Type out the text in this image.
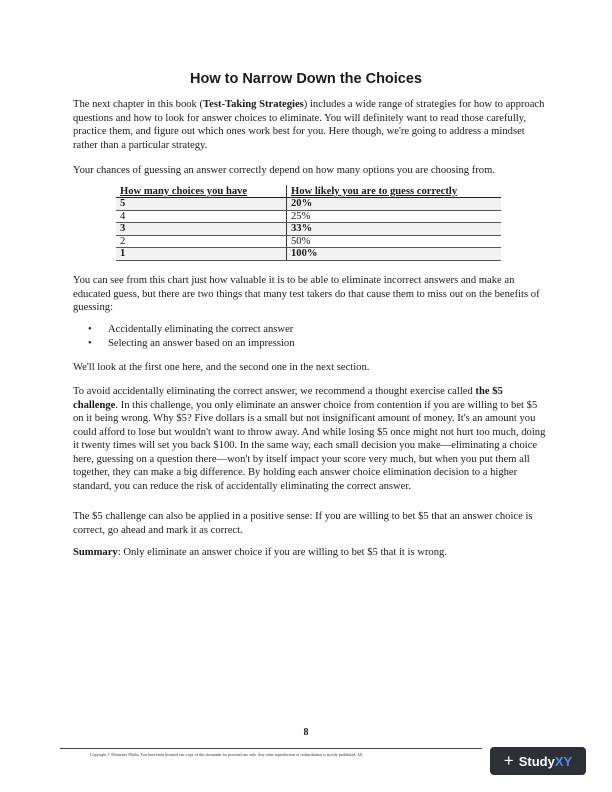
How to Narrow Down the Choices

The next chapter in this book (Test-Taking Strategies) includes a wide range of strategies for how to approach questions and how to look for answer choices to eliminate. You will definitely want to read those carefully, practice them, and figure out which ones work best for you. Here though, we're going to address a mindset rather than a particular strategy.

Your chances of guessing an answer correctly depend on how many options you are choosing from.

How many choices you have	How likely you are to guess correctly
5	20%
4	25%
3	33%
2	50%
1	100%

You can see from this chart just how valuable it is to be able to eliminate incorrect answers and make an educated guess, but there are two things that many test takers do that cause them to miss out on the benefits of guessing:

• Accidentally eliminating the correct answer
• Selecting an answer based on an impression

We'll look at the first one here, and the second one in the next section.

To avoid accidentally eliminating the correct answer, we recommend a thought exercise called the $5 challenge. In this challenge, you only eliminate an answer choice from contention if you are willing to bet $5 on it being wrong. Why $5? Five dollars is a small but not insignificant amount of money. It's an amount you could afford to lose but wouldn't want to throw away. And while losing $5 once might not hurt too much, doing it twenty times will set you back $100. In the same way, each small decision you make—eliminating a choice here, guessing on a question there—won't by itself impact your score very much, but when you put them all together, they can make a big difference. By holding each answer choice elimination decision to a higher standard, you can reduce the risk of accidentally eliminating the correct answer.

The $5 challenge can also be applied in a positive sense: If you are willing to bet $5 that an answer choice is correct, go ahead and mark it as correct.

Summary: Only eliminate an answer choice if you are willing to bet $5 that it is wrong.

8
Copyright © Mometrix Media. You have been licensed one copy of this document for personal use only. Any other reproduction or redistribution is strictly prohibited. All	+ Study XY
